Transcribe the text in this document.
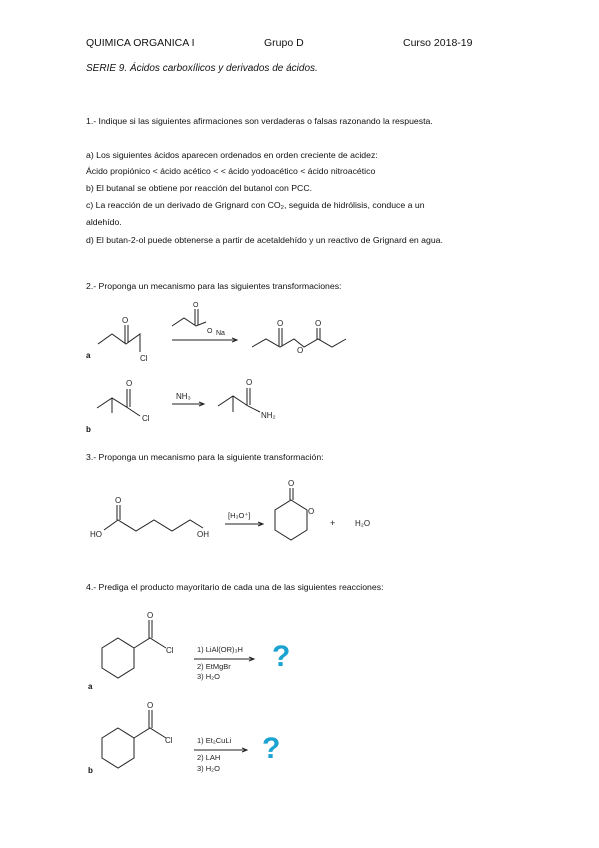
QUIMICA ORGANICA I	Grupo D	Curso 2018-19
SERIE 9. Ácidos carboxílicos y derivados de ácidos.
1.- Indique si las siguientes afirmaciones son verdaderas o falsas razonando la respuesta.
a) Los siguientes ácidos aparecen ordenados en orden creciente de acidez:
Ácido propiónico < ácido acético < < ácido yodoacético < ácido nitroacético
b) El butanal se obtiene por reacción del butanol con PCC.
c) La reacción de un derivado de Grignard con CO₂, seguida de hidrólisis, conduce a un
aldehído.
d) El butan-2-ol puede obtenerse a partir de acetaldehído y un reactivo de Grignard en agua.
2.- Proponga un mecanismo para las siguientes transformaciones:
a
b
3.- Proponga un mecanismo para la siguiente transformación:
4.- Prediga el producto mayoritario de cada una de las siguientes reacciones:
a
b
?
?
O
Cl
O
O Na
O
O
O
O
Cl
NH₃
O
NH₂
O
HO	OH
[H₃O⁺]
O
O
+ H₂O
O
Cl	1) LiAl(OR)₃H
2) EtMgBr
3) H₂O
O
Cl	1) Et₂CuLi
2) LAH
3) H₂O
